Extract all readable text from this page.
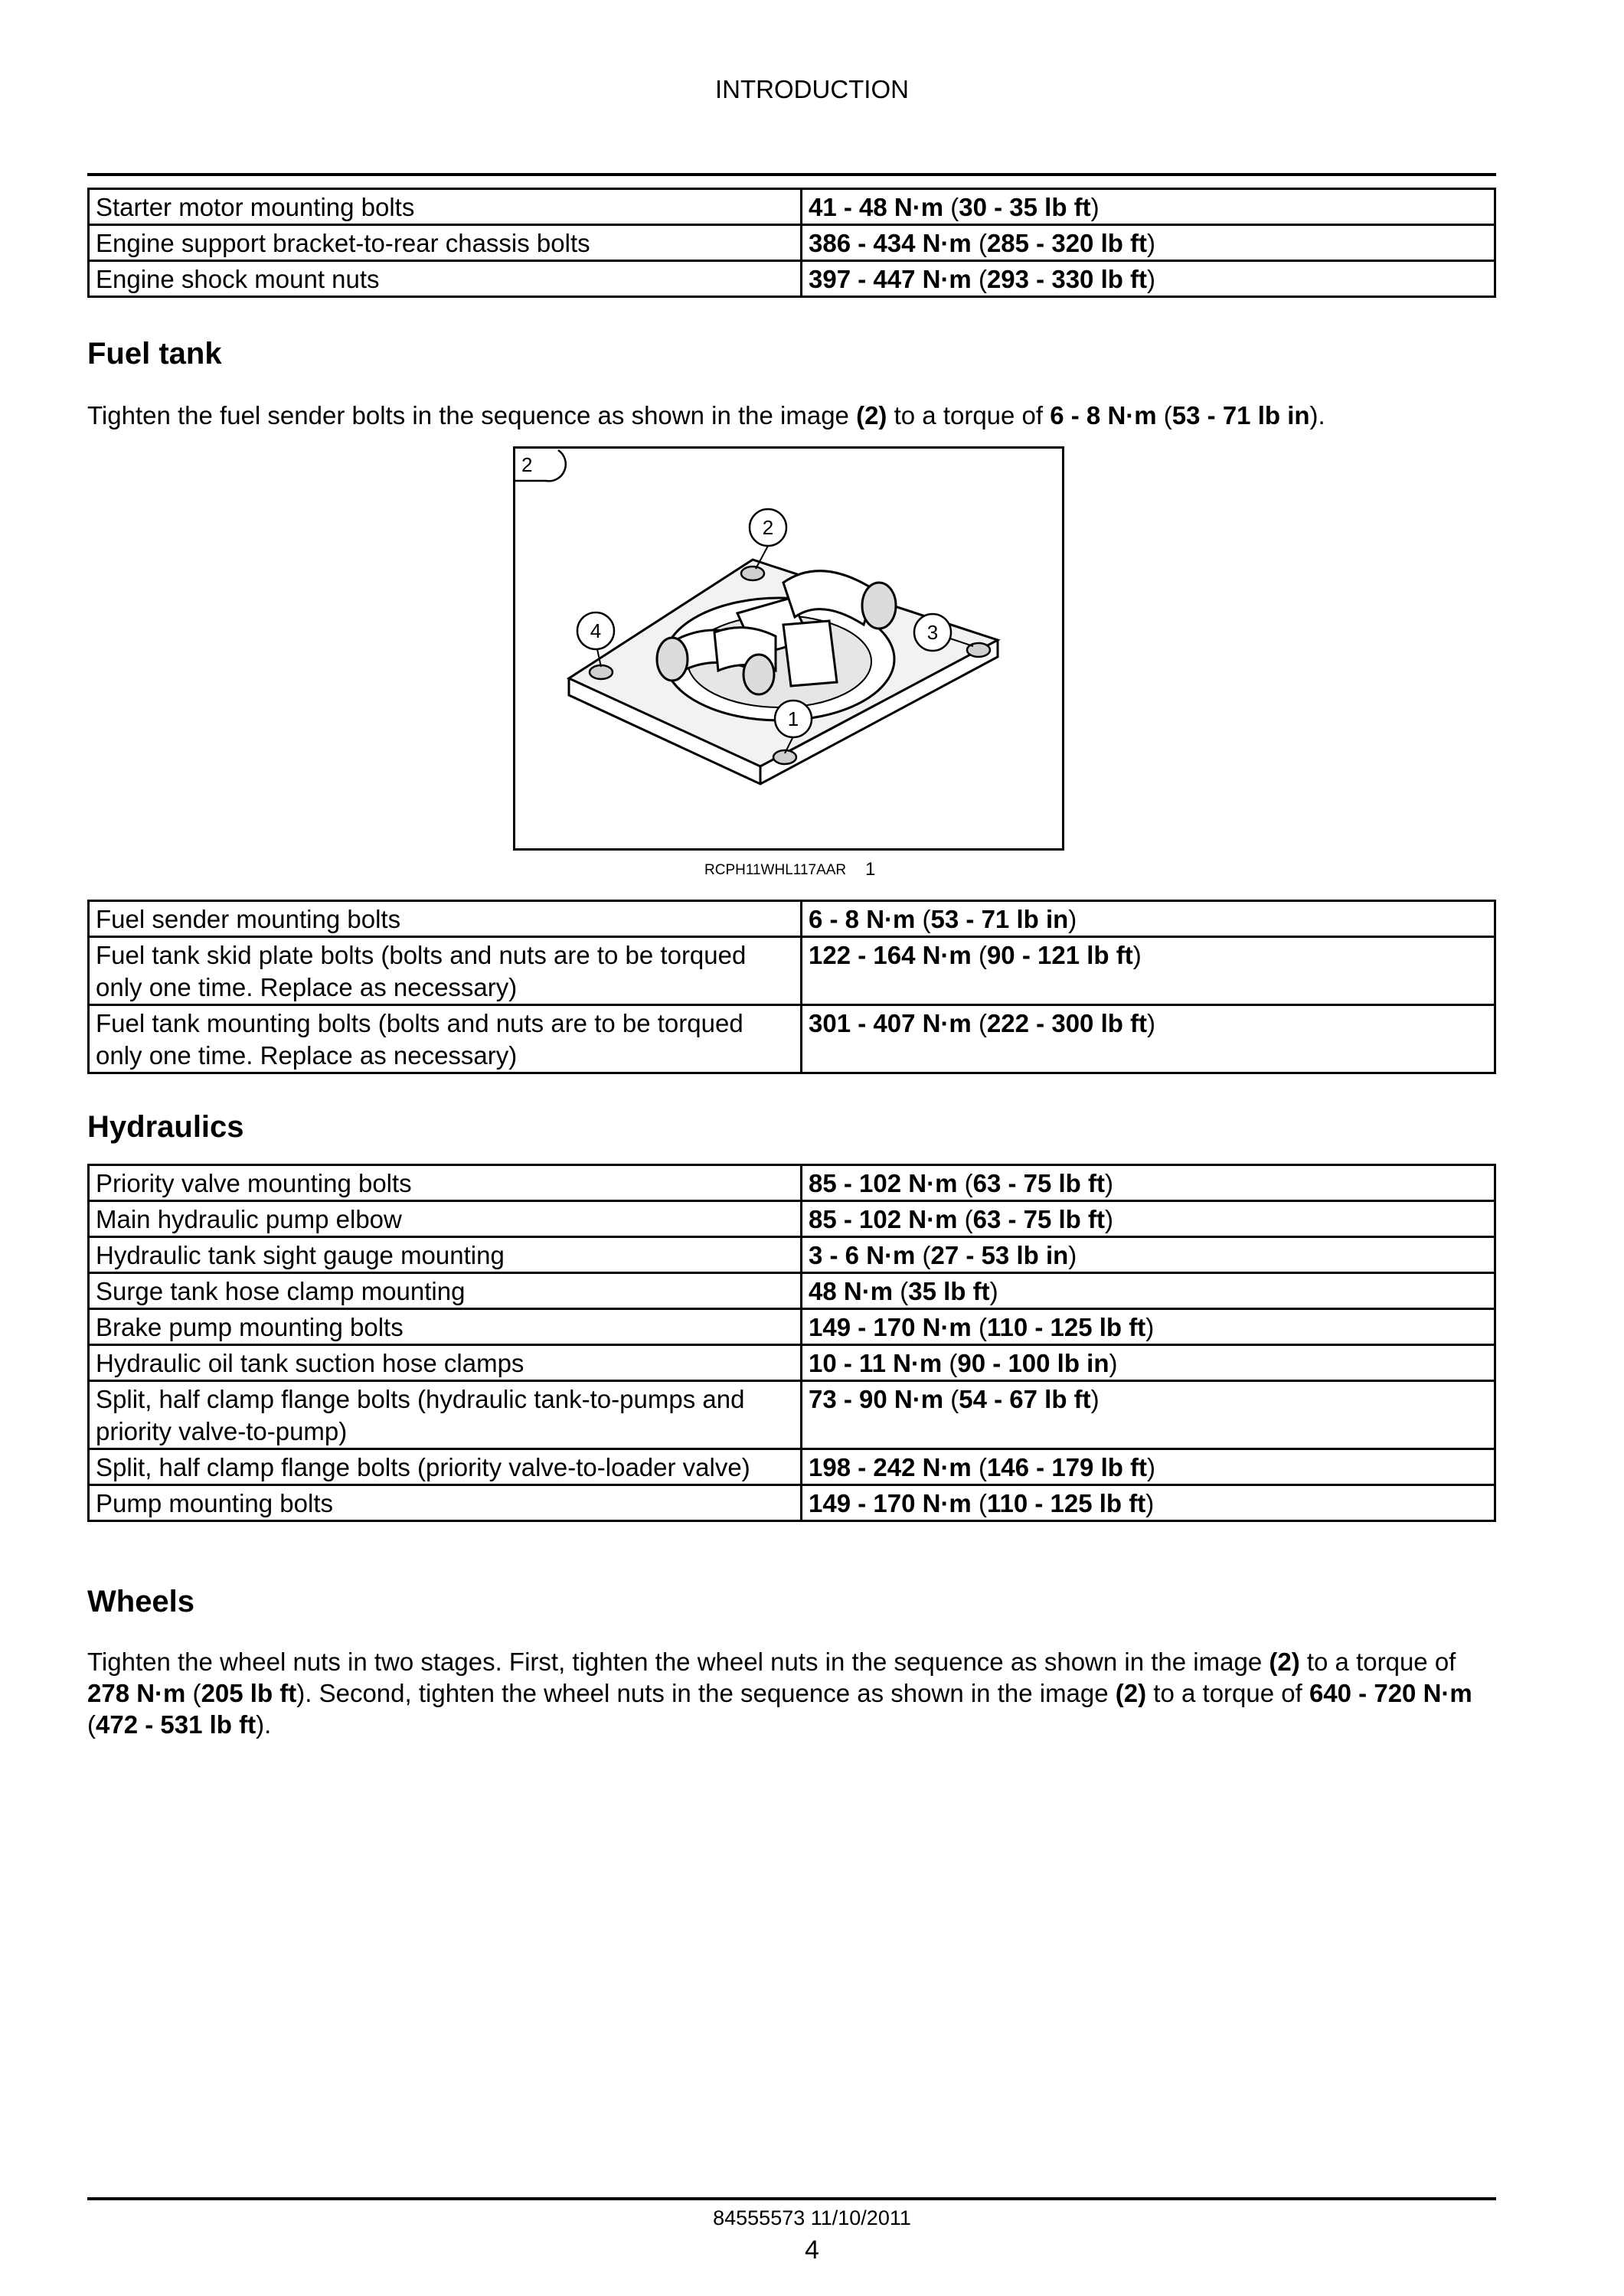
INTRODUCTION
Starter motor mounting bolts	41 - 48 N·m (30 - 35 lb ft)
Engine support bracket-to-rear chassis bolts	386 - 434 N·m (285 - 320 lb ft)
Engine shock mount nuts	397 - 447 N·m (293 - 330 lb ft)
Fuel tank

Tighten the fuel sender bolts in the sequence as shown in the image (2) to a torque of 6 - 8 N·m (53 - 71 lb in).

2
1
2
3
4
RCPH11WHL117AAR 1
Fuel sender mounting bolts	6 - 8 N·m (53 - 71 lb in)
Fuel tank skid plate bolts (bolts and nuts are to be torqued only one time. Replace as necessary)	122 - 164 N·m (90 - 121 lb ft)
Fuel tank mounting bolts (bolts and nuts are to be torqued only one time. Replace as necessary)	301 - 407 N·m (222 - 300 lb ft)
Hydraulics
Priority valve mounting bolts	85 - 102 N·m (63 - 75 lb ft)
Main hydraulic pump elbow	85 - 102 N·m (63 - 75 lb ft)
Hydraulic tank sight gauge mounting	3 - 6 N·m (27 - 53 lb in)
Surge tank hose clamp mounting	48 N·m (35 lb ft)
Brake pump mounting bolts	149 - 170 N·m (110 - 125 lb ft)
Hydraulic oil tank suction hose clamps	10 - 11 N·m (90 - 100 lb in)
Split, half clamp flange bolts (hydraulic tank-to-pumps and priority valve-to-pump)	73 - 90 N·m (54 - 67 lb ft)
Split, half clamp flange bolts (priority valve-to-loader valve)	198 - 242 N·m (146 - 179 lb ft)
Pump mounting bolts	149 - 170 N·m (110 - 125 lb ft)
Wheels

Tighten the wheel nuts in two stages. First, tighten the wheel nuts in the sequence as shown in the image (2) to a torque of 278 N·m (205 lb ft). Second, tighten the wheel nuts in the sequence as shown in the image (2) to a torque of 640 - 720 N·m (472 - 531 lb ft).

84555573 11/10/2011
4
